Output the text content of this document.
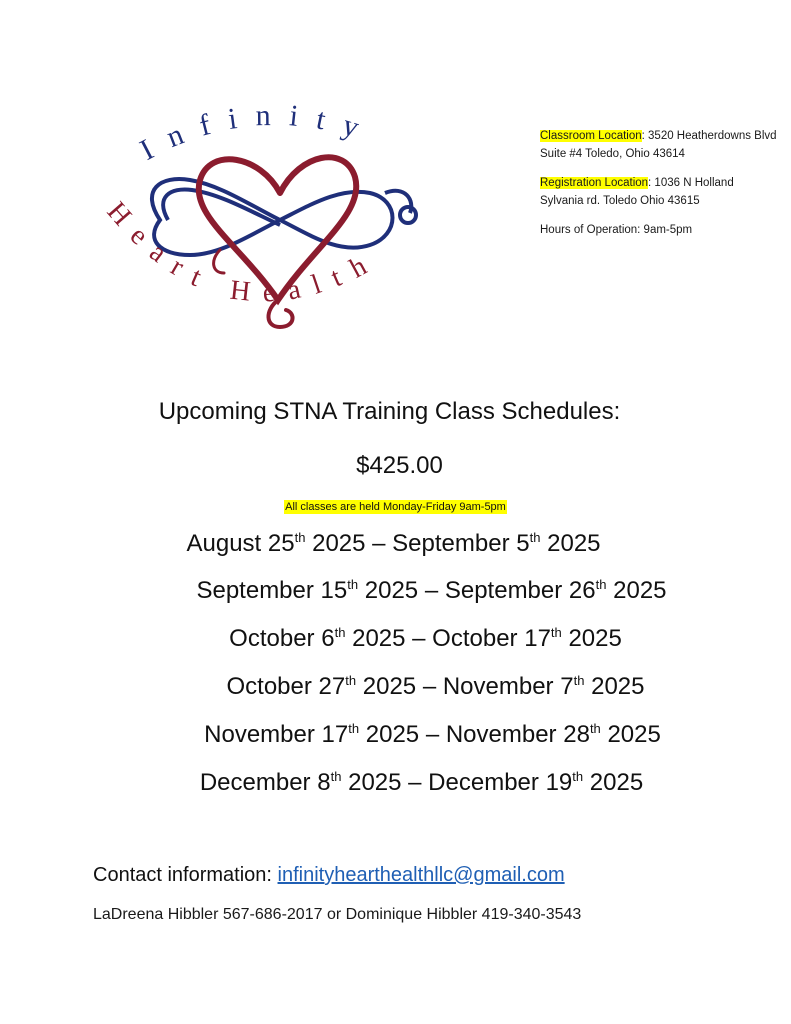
Infinity
Heart Health

Classroom Location: 3520 Heatherdowns Blvd Suite #4 Toledo, Ohio 43614

Registration Location: 1036 N Holland Sylvania rd. Toledo Ohio 43615

Hours of Operation: 9am-5pm

Upcoming STNA Training Class Schedules:
$425.00
All classes are held Monday-Friday 9am-5pm
August 25th 2025 – September 5th 2025
September 15th 2025 – September 26th 2025
October 6th 2025 – October 17th 2025
October 27th 2025 – November 7th 2025
November 17th 2025 – November 28th 2025
December 8th 2025 – December 19th 2025
Contact information: infinityhearthealthllc@gmail.com
LaDreena Hibbler 567-686-2017 or Dominique Hibbler 419-340-3543
